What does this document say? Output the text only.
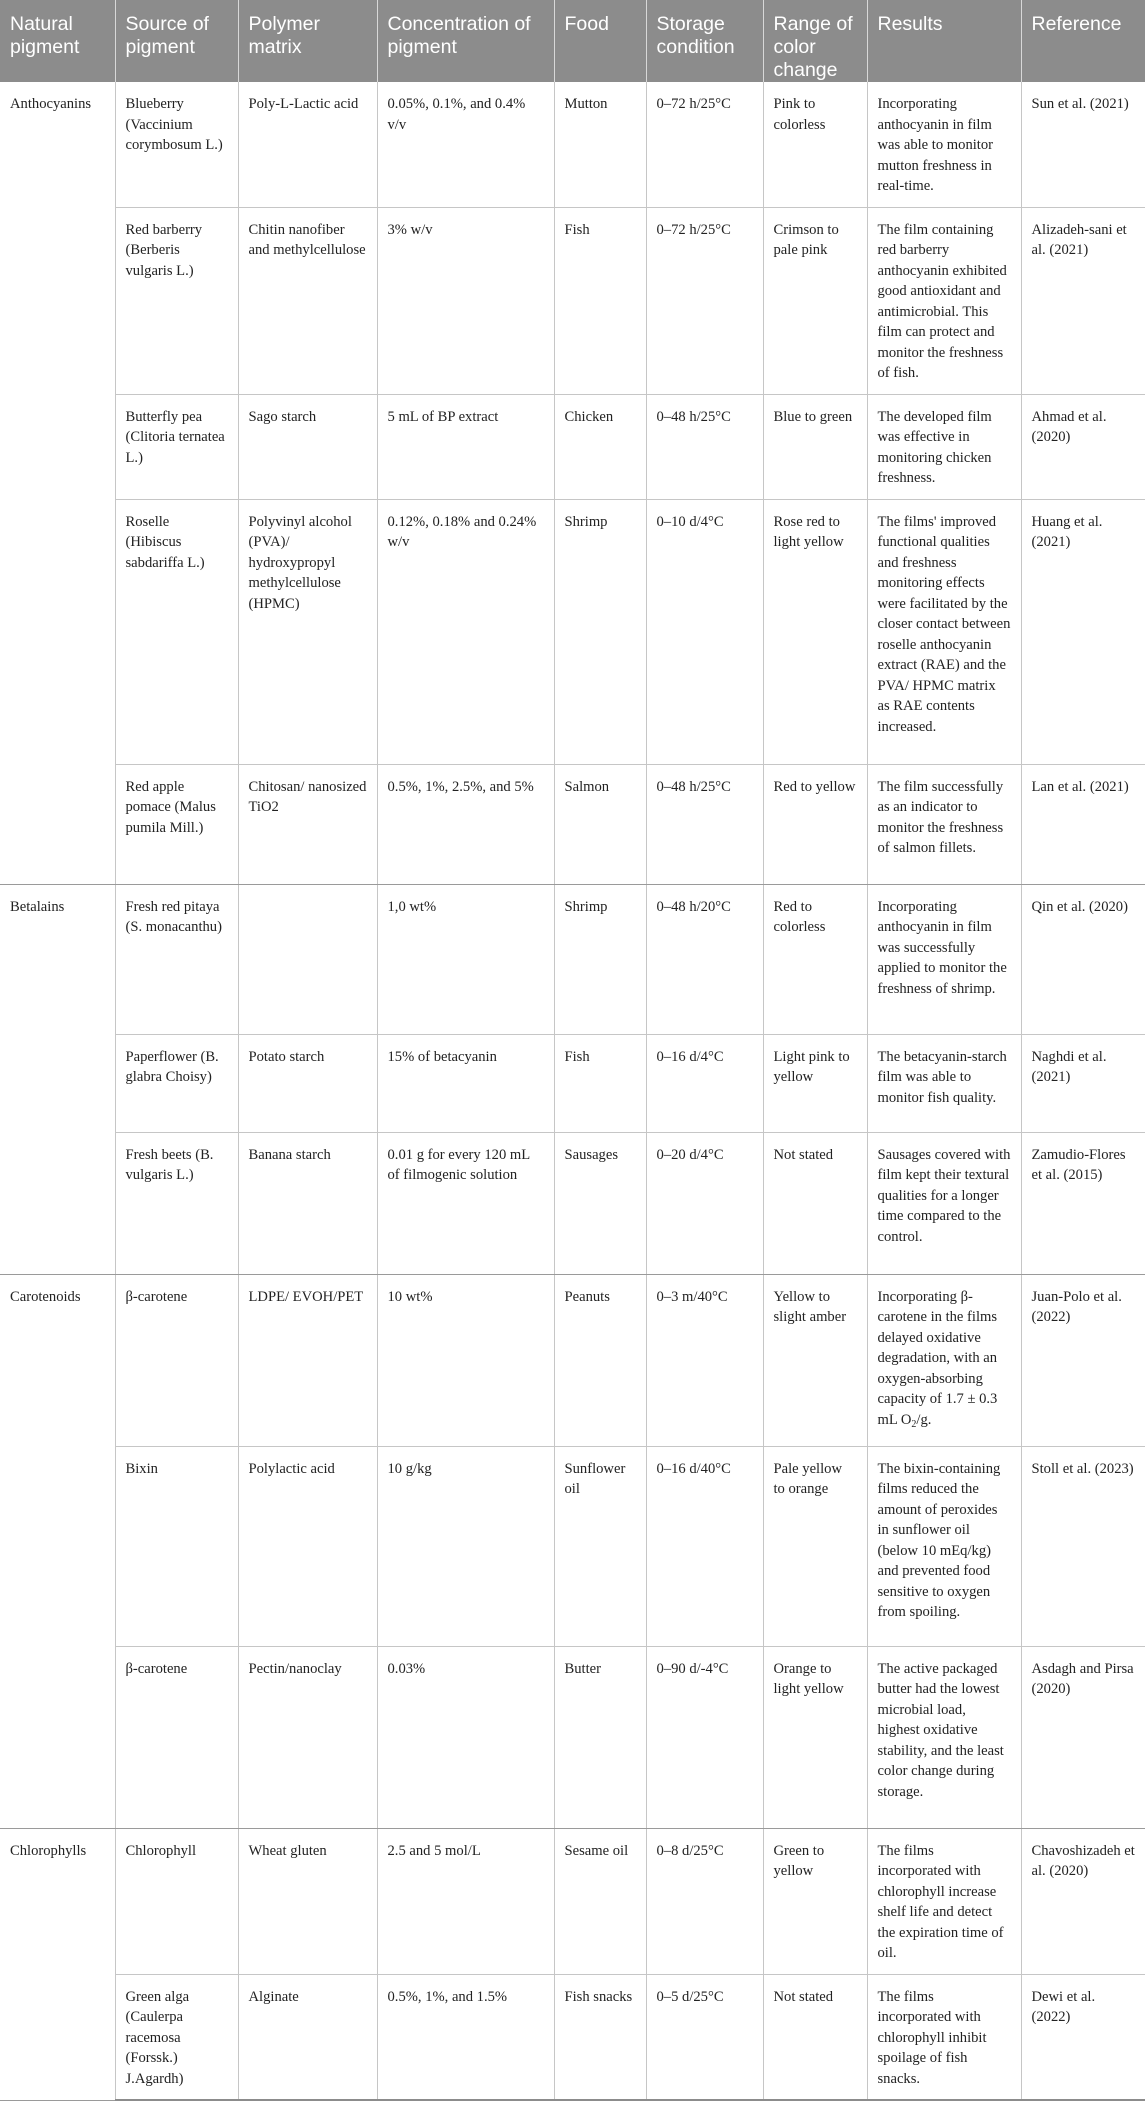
Natural pigment	Source of pigment	Polymer matrix	Concentration of pigment	Food	Storage condition	Range of color change	Results	Reference
Anthocyanins	Blueberry (Vaccinium corymbosum L.)	Poly-L-Lactic acid	0.05%, 0.1%, and 0.4% v/v	Mutton	0–72 h/25°C	Pink to colorless	Incorporating anthocyanin in film was able to monitor mutton freshness in real-time.	Sun et al. (2021)
	Red barberry (Berberis vulgaris L.)	Chitin nanofiber and methylcellulose	3% w/v	Fish	0–72 h/25°C	Crimson to pale pink	The film containing red barberry anthocyanin exhibited good antioxidant and antimicrobial. This film can protect and monitor the freshness of fish.	Alizadeh-sani et al. (2021)
	Butterfly pea (Clitoria ternatea L.)	Sago starch	5 mL of BP extract	Chicken	0–48 h/25°C	Blue to green	The developed film was effective in monitoring chicken freshness.	Ahmad et al. (2020)
	Roselle (Hibiscus sabdariffa L.)	Polyvinyl alcohol (PVA)/ hydroxypropyl methylcellulose (HPMC)	0.12%, 0.18% and 0.24% w/v	Shrimp	0–10 d/4°C	Rose red to light yellow	The films' improved functional qualities and freshness monitoring effects were facilitated by the closer contact between roselle anthocyanin extract (RAE) and the PVA/ HPMC matrix as RAE contents increased.	Huang et al. (2021)
	Red apple pomace (Malus pumila Mill.)	Chitosan/ nanosized TiO2	0.5%, 1%, 2.5%, and 5%	Salmon	0–48 h/25°C	Red to yellow	The film successfully as an indicator to monitor the freshness of salmon fillets.	Lan et al. (2021)
Betalains	Fresh red pitaya (S. monacanthu)		1,0 wt%	Shrimp	0–48 h/20°C	Red to colorless	Incorporating anthocyanin in film was successfully applied to monitor the freshness of shrimp.	Qin et al. (2020)
	Paperflower (B. glabra Choisy)	Potato starch	15% of betacyanin	Fish	0–16 d/4°C	Light pink to yellow	The betacyanin-starch film was able to monitor fish quality.	Naghdi et al. (2021)
	Fresh beets (B. vulgaris L.)	Banana starch	0.01 g for every 120 mL of filmogenic solution	Sausages	0–20 d/4°C	Not stated	Sausages covered with film kept their textural qualities for a longer time compared to the control.	Zamudio-Flores et al. (2015)
Carotenoids	β-carotene	LDPE/ EVOH/PET	10 wt%	Peanuts	0–3 m/40°C	Yellow to slight amber	Incorporating β-carotene in the films delayed oxidative degradation, with an oxygen-absorbing capacity of 1.7 ± 0.3 mL $O_2/g$.	Juan-Polo et al. (2022)
	Bixin	Polylactic acid	10 g/kg	Sunflower oil	0–16 d/40°C	Pale yellow to orange	The bixin-containing films reduced the amount of peroxides in sunflower oil (below 10 mEq/kg) and prevented food sensitive to oxygen from spoiling.	Stoll et al. (2023)
	β-carotene	Pectin/nanoclay	0.03%	Butter	0–90 d/-4°C	Orange to light yellow	The active packaged butter had the lowest microbial load, highest oxidative stability, and the least color change during storage.	Asdagh and Pirsa (2020)
Chlorophylls	Chlorophyll	Wheat gluten	2.5 and 5 mol/L	Sesame oil	0–8 d/25°C	Green to yellow	The films incorporated with chlorophyll increase shelf life and detect the expiration time of oil.	Chavoshizadeh et al. (2020)
	Green alga (Caulerpa racemosa (Forssk.) J.Agardh)	Alginate	0.5%, 1%, and 1.5%	Fish snacks	0–5 d/25°C	Not stated	The films incorporated with chlorophyll inhibit spoilage of fish snacks.	Dewi et al. (2022)
